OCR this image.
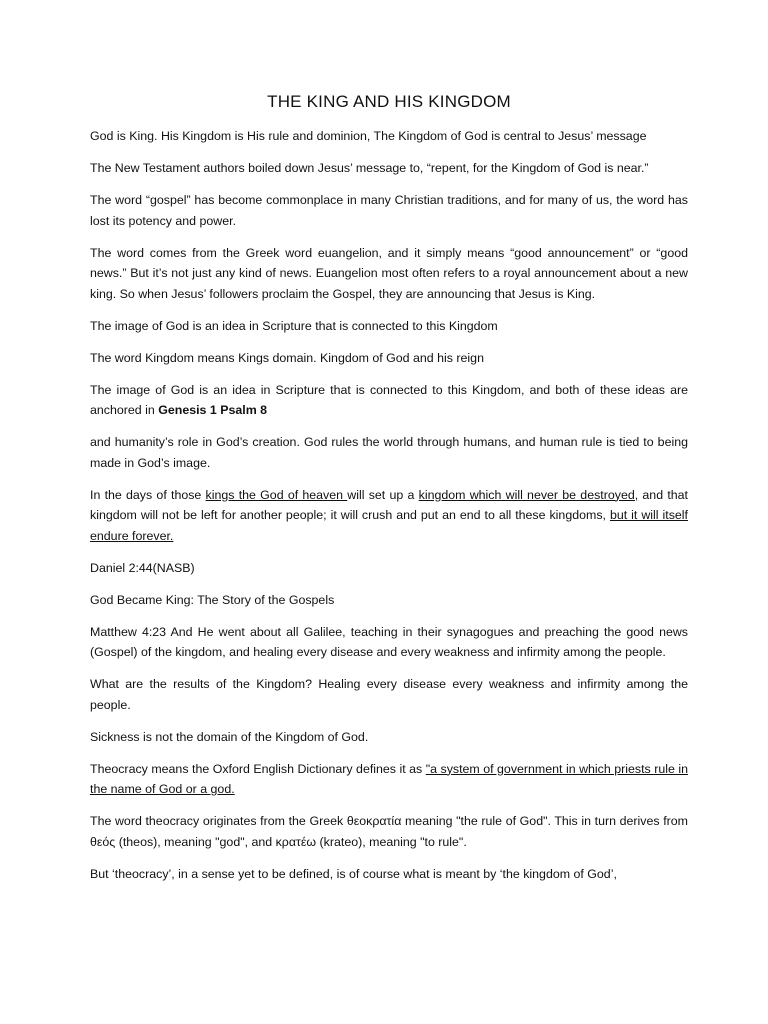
THE KING AND HIS KINGDOM

God is King. His Kingdom is His rule and dominion, The Kingdom of God is central to Jesus’ message

The New Testament authors boiled down Jesus’ message to, “repent, for the Kingdom of God is near.”

The word “gospel” has become commonplace in many Christian traditions, and for many of us, the word has lost its potency and power.

The word comes from the Greek word euangelion, and it simply means “good announcement” or “good news.” But it’s not just any kind of news. Euangelion most often refers to a royal announcement about a new king. So when Jesus’ followers proclaim the Gospel, they are announcing that Jesus is King.

The image of God is an idea in Scripture that is connected to this Kingdom

The word Kingdom means Kings domain. Kingdom of God and his reign

The image of God is an idea in Scripture that is connected to this Kingdom, and both of these ideas are anchored in Genesis 1 Psalm 8

and humanity’s role in God’s creation. God rules the world through humans, and human rule is tied to being made in God’s image.

In the days of those kings the God of heaven will set up a kingdom which will never be destroyed, and that kingdom will not be left for another people; it will crush and put an end to all these kingdoms, but it will itself endure forever.

Daniel 2:44(NASB)

God Became King: The Story of the Gospels

Matthew 4:23 And He went about all Galilee, teaching in their synagogues and preaching the good news (Gospel) of the kingdom, and healing every disease and every weakness and infirmity among the people.

What are the results of the Kingdom? Healing every disease every weakness and infirmity among the people.

Sickness is not the domain of the Kingdom of God.

Theocracy means the Oxford English Dictionary defines it as "a system of government in which priests rule in the name of God or a god.

The word theocracy originates from the Greek θεοκρατία meaning "the rule of God". This in turn derives from θεός (theos), meaning "god", and κρατέω (krateo), meaning "to rule".

But ‘theocracy’, in a sense yet to be defined, is of course what is meant by ‘the kingdom of God’,
